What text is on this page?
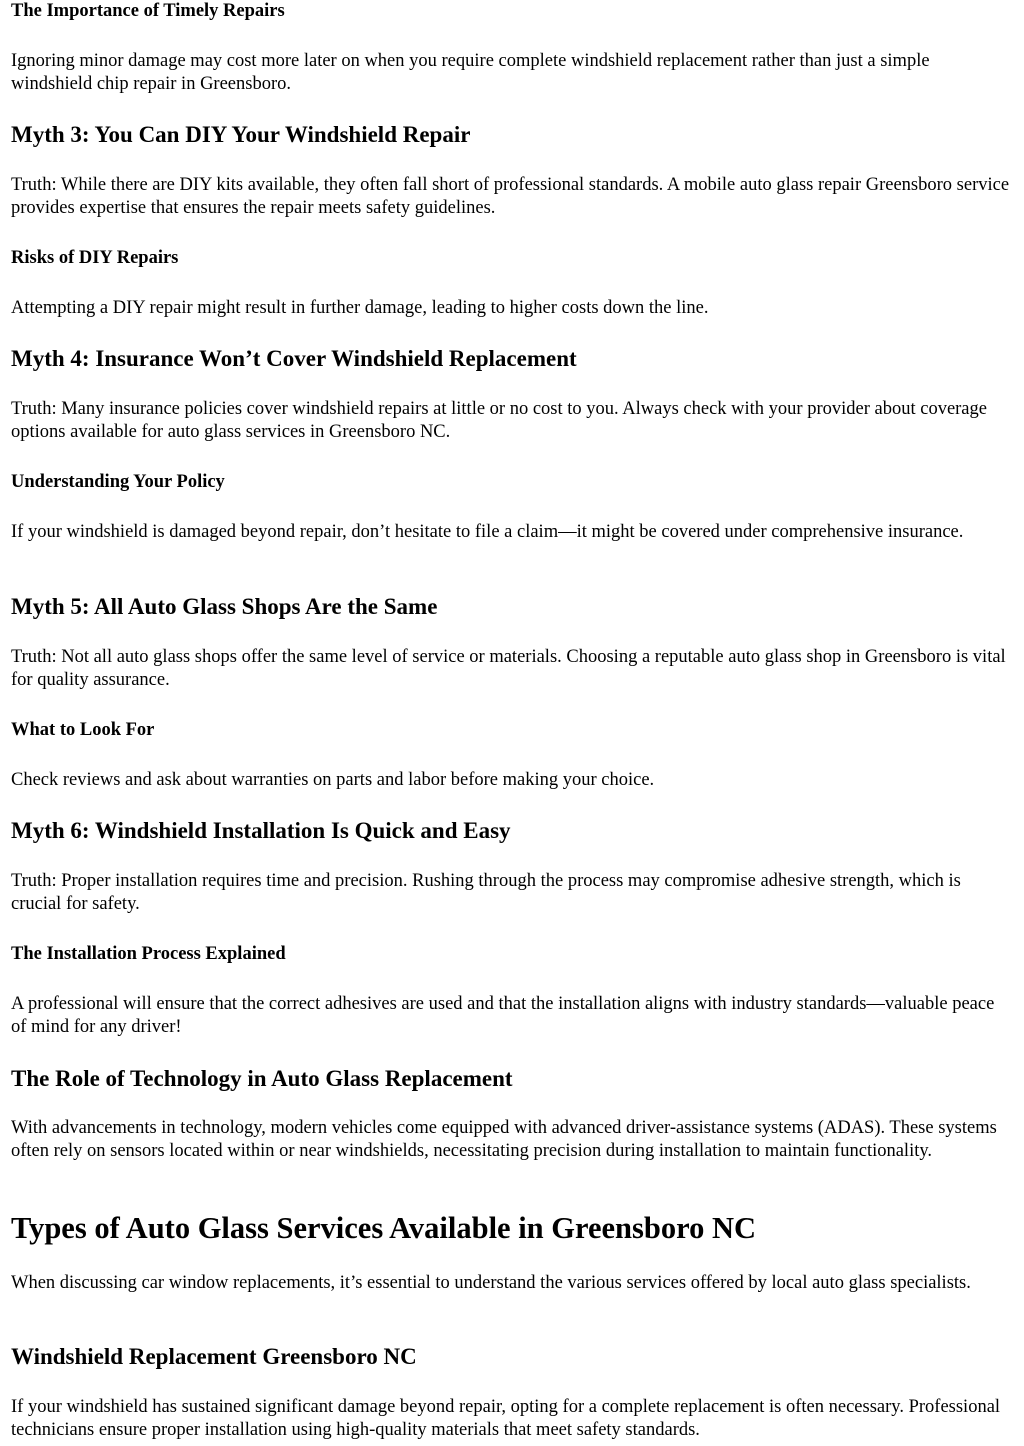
The Importance of Timely Repairs

Ignoring minor damage may cost more later on when you require complete windshield replacement rather than just a simple windshield chip repair in Greensboro.

Myth 3: You Can DIY Your Windshield Repair

Truth: While there are DIY kits available, they often fall short of professional standards. A mobile auto glass repair Greensboro service provides expertise that ensures the repair meets safety guidelines.

Risks of DIY Repairs

Attempting a DIY repair might result in further damage, leading to higher costs down the line.

Myth 4: Insurance Won’t Cover Windshield Replacement

Truth: Many insurance policies cover windshield repairs at little or no cost to you. Always check with your provider about coverage options available for auto glass services in Greensboro NC.

Understanding Your Policy

If your windshield is damaged beyond repair, don’t hesitate to file a claim—it might be covered under comprehensive insurance.

Myth 5: All Auto Glass Shops Are the Same

Truth: Not all auto glass shops offer the same level of service or materials. Choosing a reputable auto glass shop in Greensboro is vital for quality assurance.

What to Look For

Check reviews and ask about warranties on parts and labor before making your choice.

Myth 6: Windshield Installation Is Quick and Easy

Truth: Proper installation requires time and precision. Rushing through the process may compromise adhesive strength, which is crucial for safety.

The Installation Process Explained

A professional will ensure that the correct adhesives are used and that the installation aligns with industry standards—valuable peace of mind for any driver!

The Role of Technology in Auto Glass Replacement

With advancements in technology, modern vehicles come equipped with advanced driver-assistance systems (ADAS). These systems often rely on sensors located within or near windshields, necessitating precision during installation to maintain functionality.

Types of Auto Glass Services Available in Greensboro NC

When discussing car window replacements, it’s essential to understand the various services offered by local auto glass specialists.

Windshield Replacement Greensboro NC

If your windshield has sustained significant damage beyond repair, opting for a complete replacement is often necessary. Professional technicians ensure proper installation using high-quality materials that meet safety standards.
